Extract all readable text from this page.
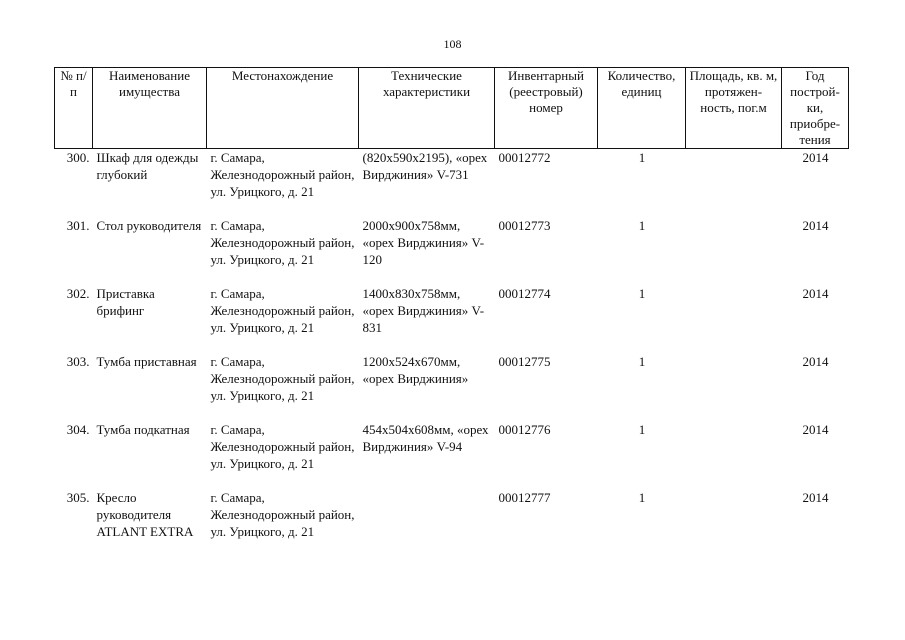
108
№ п/п	Наименование имущества	Местонахождение	Технические характеристики	Инвентарный (реестровый) номер	Количество, единиц	Площадь, кв. м, протяжен-ность, пог.м	Год построй-ки, приобре-тения
300.	Шкаф для одежды глубокий	г. Самара, Железнодорожный район, ул. Урицкого, д. 21	(820х590х2195), «орех Вирджиния» V-731	00012772	1		2014
301.	Стол руководителя	г. Самара, Железнодорожный район, ул. Урицкого, д. 21	2000х900х758мм, «орех Вирджиния» V-120	00012773	1		2014
302.	Приставка брифинг	г. Самара, Железнодорожный район, ул. Урицкого, д. 21	1400х830х758мм, «орех Вирджиния» V-831	00012774	1		2014
303.	Тумба приставная	г. Самара, Железнодорожный район, ул. Урицкого, д. 21	1200х524х670мм, «орех Вирджиния»	00012775	1		2014
304.	Тумба подкатная	г. Самара, Железнодорожный район, ул. Урицкого, д. 21	454х504х608мм, «орех Вирджиния» V-94	00012776	1		2014
305.	Кресло руководителя ATLANT EXTRA	г. Самара, Железнодорожный район, ул. Урицкого, д. 21		00012777	1		2014
